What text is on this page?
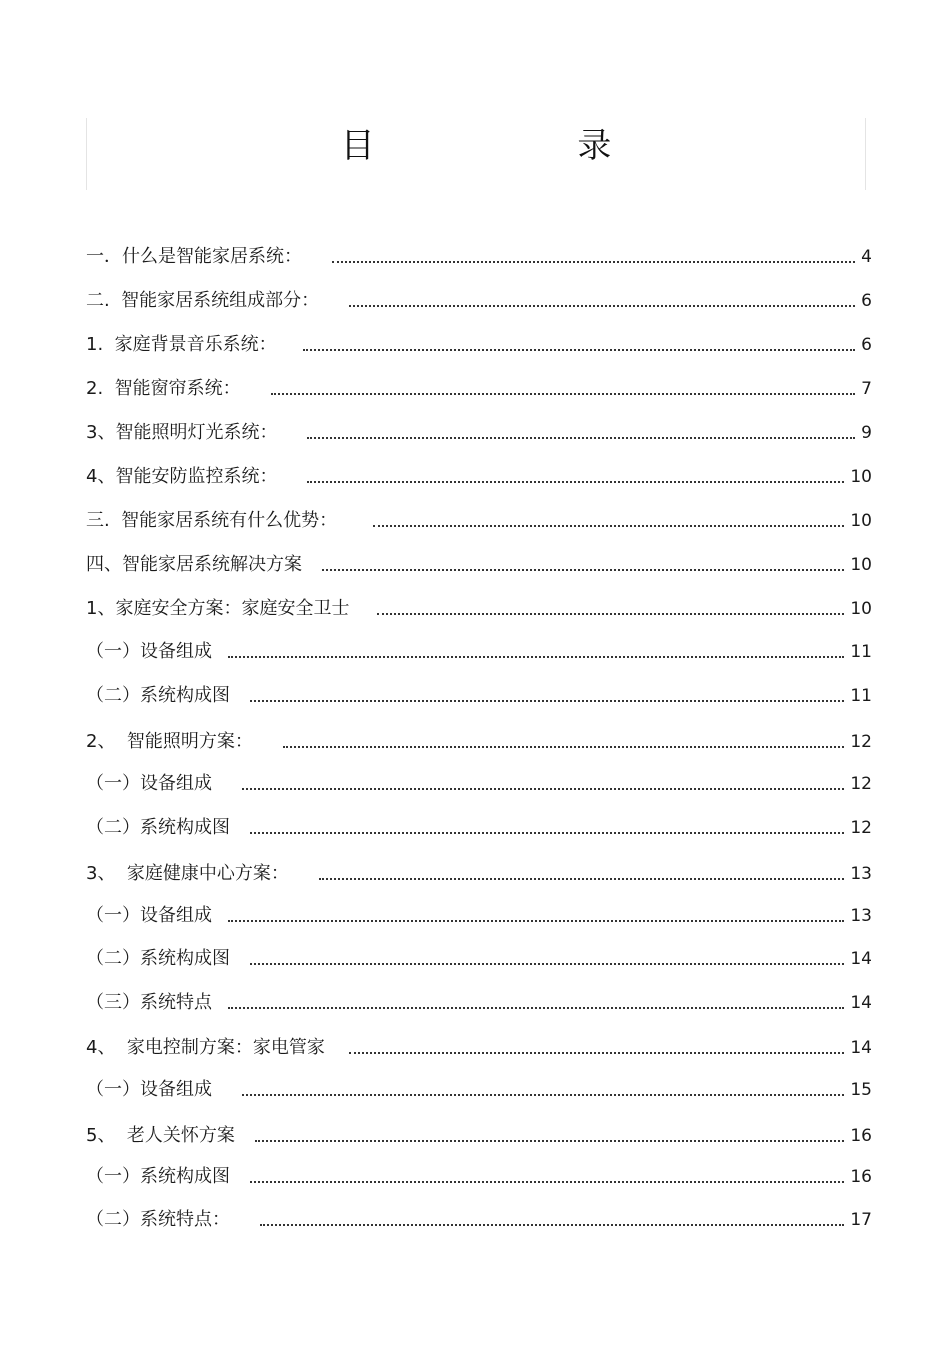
目 录
一．什么是智能家居系统：	4
二.  智能家居系统组成部分：	6
1.  家庭背景音乐系统：	6
2.  智能窗帘系统：	7
3、智能照明灯光系统：	9
4、智能安防监控系统：	10
三.  智能家居系统有什么优势：	10
四、智能家居系统解决方案	10
1、家庭安全方案：家庭安全卫士	10
（一）设备组成	11
（二）系统构成图	11
2、  智能照明方案：	12
（一）设备组成	12
（二）系统构成图	12
3、  家庭健康中心方案：	13
（一）设备组成	13
（二）系统构成图	14
（三）系统特点	14
4、  家电控制方案：家电管家	14
（一）设备组成	15
5、  老人关怀方案	16
（一）系统构成图	16
（二）系统特点：	17
